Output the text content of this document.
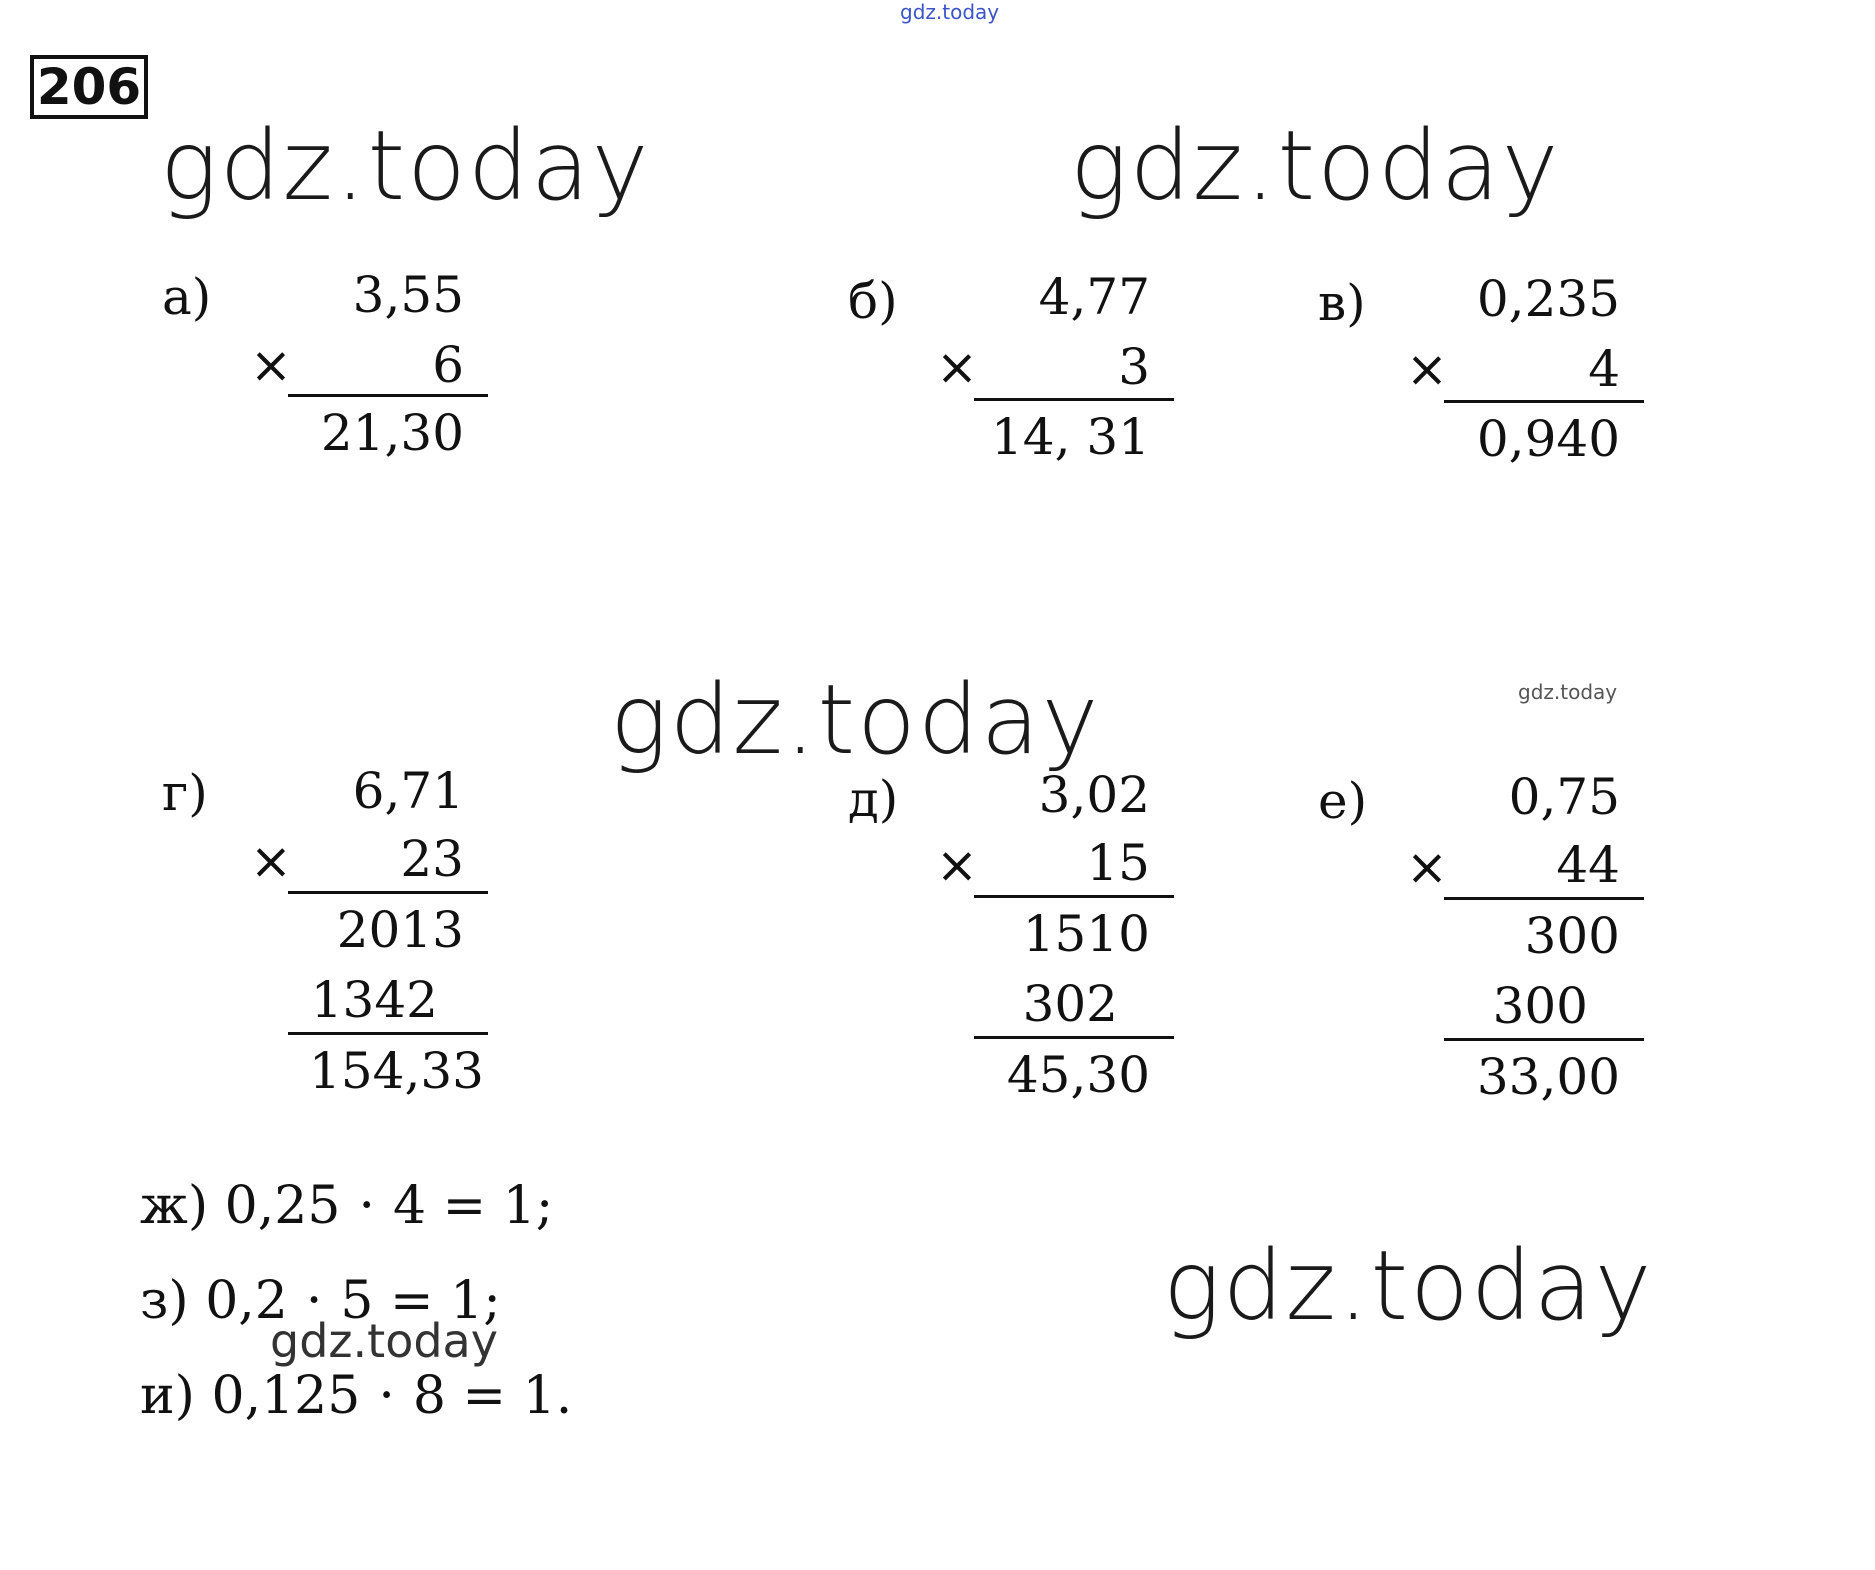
gdz.today
206
gdz.today	gdz.today
gdz.today
gdz.today
gdz.today
gdz.today
а)	3,55
×	6
21,30
б)	4,77
×	3
14, 31
в)	0,235
×	4
0,940
г)	6,71
×	23
2013
1342
154,33
д)	3,02
×	15
1510
302
45,30
е)	0,75
×	44
300
300
33,00
ж) 0,25 · 4 = 1;
з) 0,2 · 5 = 1;
и) 0,125 · 8 = 1.
